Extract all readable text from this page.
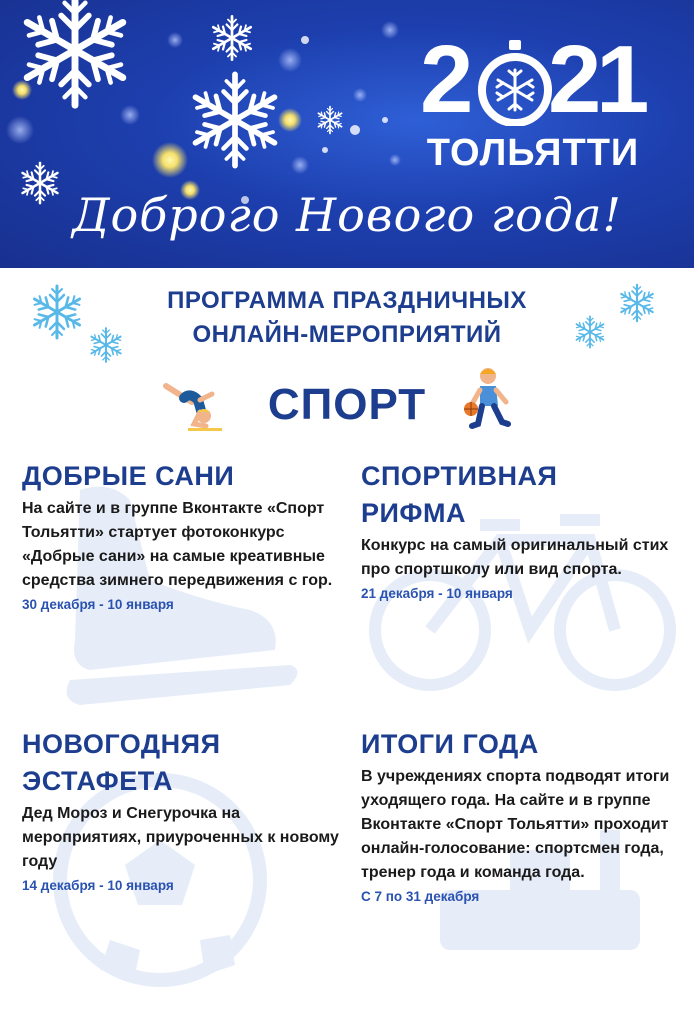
2 2
1
ТОЛЬЯТТИ
Доброго Нового года!
ПРОГРАММА ПРАЗДНИЧНЫХ
ОНЛАЙН-МЕРОПРИЯТИЙ
СПОРТ
ДОБРЫЕ САНИ
На сайте и в группе Вконтакте «Спорт Тольятти» стартует фотоконкурс «Добрые сани» на самые креативные средства зимнего передвижения с гор.
30 декабря - 10 января
СПОРТИВНАЯ
РИФМА
Конкурс на самый оригинальный стих про спортшколу или вид спорта.
21 декабря - 10 января
НОВОГОДНЯЯ
ЭСТАФЕТА
Дед Мороз и Снегурочка на мероприятиях, приуроченных к новому году
14 декабря - 10 января
ИТОГИ ГОДА
В учреждениях спорта подводят итоги уходящего года. На сайте и в группе Вконтакте «Спорт Тольятти» проходит онлайн-голосование: спортсмен года, тренер года и команда года.
С 7 по 31 декабря
